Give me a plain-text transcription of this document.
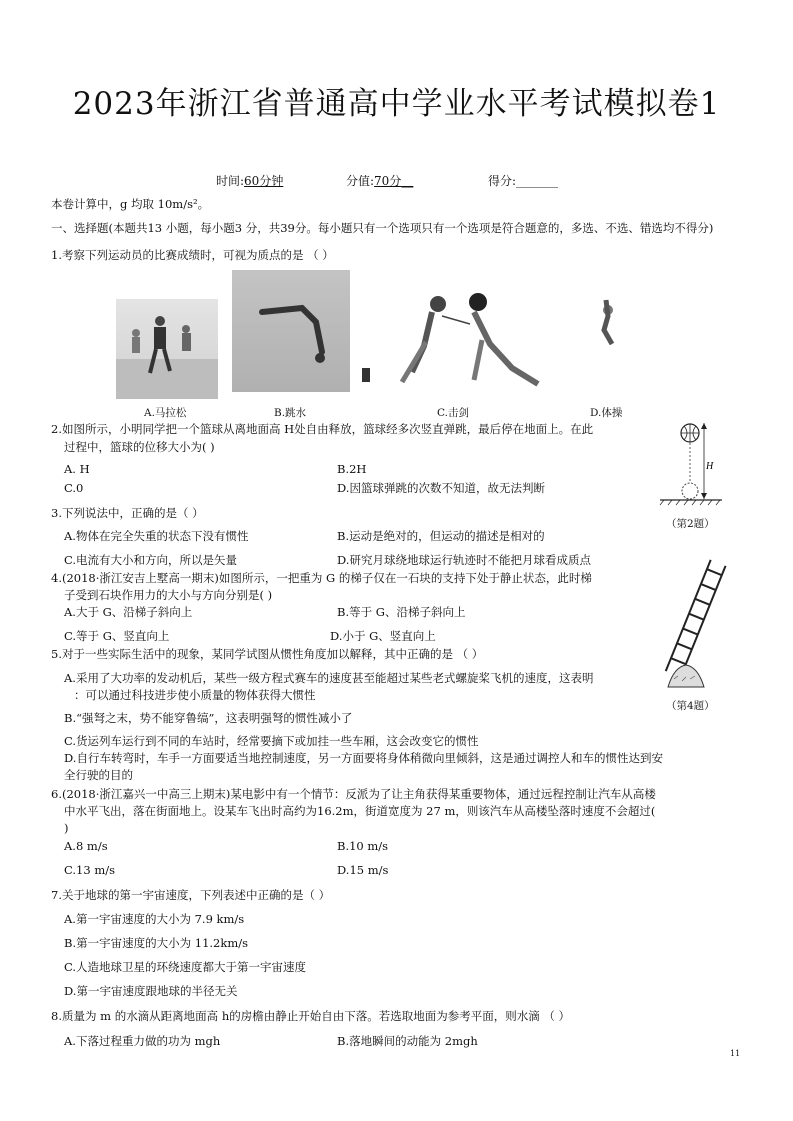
2023年浙江省普通高中学业水平考试模拟卷1
时间:60分钟	分值:70分__	得分:_______
本卷计算中，g 均取 10m/s²。
一、选择题(本题共13 小题，每小题3 分，共39分。每小题只有一个选项只有一个选项是符合题意的，多选、不选、错选均不得分)
1.考察下列运动员的比赛成绩时，可视为质点的是 （ ）
A.马拉松	B.跳水	C.击剑	D.体操
2.如图所示，小明同学把一个篮球从离地面高 H处自由释放，篮球经多次竖直弹跳，最后停在地面上。在此
过程中，篮球的位移大小为( )
A. H	B.2H
C.0	D.因篮球弹跳的次数不知道，故无法判断
H
（第2题）
3.下列说法中，正确的是（ ）
A.物体在完全失重的状态下没有惯性	B.运动是绝对的，但运动的描述是相对的
C.电流有大小和方向，所以是矢量	D.研究月球绕地球运行轨迹时不能把月球看成质点
4.(2018·浙江安吉上墅高一期末)如图所示，一把重为 G 的梯子仅在一石块的支持下处于静止状态，此时梯
子受到石块作用力的大小与方向分别是( )
A.大于 G、沿梯子斜向上	B.等于 G、沿梯子斜向上
C.等于 G、竖直向上	D.小于 G、竖直向上
（第4题）
5.对于一些实际生活中的现象，某同学试图从惯性角度加以解释，其中正确的是 （ ）
A.采用了大功率的发动机后，某些一级方程式赛车的速度甚至能超过某些老式螺旋桨飞机的速度，这表明
：可以通过科技进步使小质量的物体获得大惯性
B.“强弩之末，势不能穿鲁缟”，这表明强弩的惯性减小了
C.货运列车运行到不同的车站时，经常要摘下或加挂一些车厢，这会改变它的惯性
D.自行车转弯时，车手一方面要适当地控制速度，另一方面要将身体稍微向里倾斜，这是通过调控人和车的惯性达到安
全行驶的目的
6.(2018·浙江嘉兴一中高三上期末)某电影中有一个情节：反派为了让主角获得某重要物体，通过远程控制让汽车从高楼
中水平飞出，落在街面地上。设某车飞出时高约为16.2m，街道宽度为 27 m，则该汽车从高楼坠落时速度不会超过(
)
A.8 m/s	B.10 m/s
C.13 m/s	D.15 m/s
7.关于地球的第一宇宙速度，下列表述中正确的是（ ）
A.第一宇宙速度的大小为 7.9 km/s
B.第一宇宙速度的大小为 11.2km/s
C.人造地球卫星的环绕速度都大于第一宇宙速度
D.第一宇宙速度跟地球的半径无关
8.质量为 m 的水滴从距离地面高 h的房檐由静止开始自由下落。若选取地面为参考平面，则水滴 （ ）
A.下落过程重力做的功为 mgh	B.落地瞬间的动能为 2mgh
11
